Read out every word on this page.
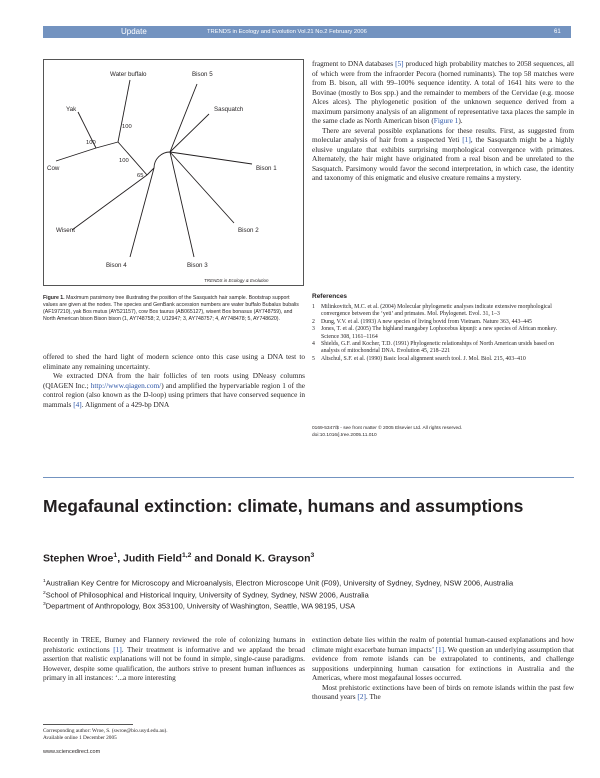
Update	TRENDS in Ecology and Evolution Vol.21 No.2 February 2006	61
Water buffalo	Bison 5
Yak	Sasquatch
Cow	Bison 1
Wisent	Bison 2
Bison 4	Bison 3
100
100
100
65
TRENDS in Ecology & Evolution
Figure 1. Maximum parsimony tree illustrating the position of the Sasquatch hair sample. Bootstrap support values are given at the nodes. The species and GenBank accession numbers are water buffalo Bubalus bubalis (AF197210), yak Bos mutus (AY521157), cow Bos taurus (AB065127), wisent Bos bonasus (AY748759), and North American bison Bison bison (1, AY748758; 2, U12947; 3, AY748757; 4, AY748478; 5, AY748620).

offered to shed the hard light of modern science onto this case using a DNA test to eliminate any remaining uncertainty.

We extracted DNA from the hair follicles of ten roots using DNeasy columns (QIAGEN Inc.; http://www.qiagen.com/) and amplified the hypervariable region 1 of the control region (also known as the D-loop) using primers that have conserved sequence in mammals [4]. Alignment of a 429-bp DNA

fragment to DNA databases [5] produced high probability matches to 2058 sequences, all of which were from the infraorder Pecora (horned ruminants). The top 58 matches were from B. bison, all with 99–100% sequence identity. A total of 1641 hits were to the Bovinae (mostly to Bos spp.) and the remainder to members of the Cervidae (e.g. moose Alces alces). The phylogenetic position of the unknown sequence derived from a maximum parsimony analysis of an alignment of representative taxa places the sample in the same clade as North American bison (Figure 1).

There are several possible explanations for these results. First, as suggested from molecular analysis of hair from a suspected Yeti [1], the Sasquatch might be a highly elusive ungulate that exhibits surprising morphological convergence with primates. Alternately, the hair might have originated from a real bison and be unrelated to the Sasquatch. Parsimony would favor the second interpretation, in which case, the identity and taxonomy of this enigmatic and elusive creature remains a mystery.

References
1	Milinkovitch, M.C. et al. (2004) Molecular phylogenetic analyses indicate extensive morphological convergence between the ‘yeti’ and primates. Mol. Phylogenet. Evol. 31, 1–3
2	Dung, V.V. et al. (1993) A new species of living bovid from Vietnam. Nature 363, 443–445
3	Jones, T. et al. (2005) The highland mangabey Lophocebus kipunji: a new species of African monkey. Science 308, 1161–1164
4	Shields, G.F. and Kocher, T.D. (1991) Phylogenetic relationships of North American ursids based on analysis of mitochondrial DNA. Evolution 45, 218–221
5	Altschul, S.F. et al. (1990) Basic local alignment search tool. J. Mol. Biol. 215, 403–410
0169-5347/$ - see front matter © 2005 Elsevier Ltd. All rights reserved.
doi:10.1016/j.tree.2005.11.010
Megafaunal extinction: climate, humans and assumptions
Stephen Wroe$^1$, Judith Field$^{1,2}$ and Donald K. Grayson$^3$
$^1$Australian Key Centre for Microscopy and Microanalysis, Electron Microscope Unit (F09), University of Sydney, Sydney, NSW 2006, Australia
$^2$School of Philosophical and Historical Inquiry, University of Sydney, Sydney, NSW 2006, Australia
$^3$Department of Anthropology, Box 353100, University of Washington, Seattle, WA 98195, USA

Recently in TREE, Burney and Flannery reviewed the role of colonizing humans in prehistoric extinctions [1]. Their treatment is informative and we applaud the broad assertion that realistic explanations will not be found in simple, single-cause paradigms. However, despite some qualification, the authors strive to present human influences as primary in all instances: ‘...a more interesting

Corresponding author: Wroe, S. (swroe@bio.usyd.edu.au).
Available online 1 December 2005

extinction debate lies within the realm of potential human-caused explanations and how climate might exacerbate human impacts’ [1]. We question an underlying assumption that evidence from remote islands can be extrapolated to continents, and challenge suppositions underpinning human causation for extinctions in Australia and the Americas, where most megafaunal losses occurred.

Most prehistoric extinctions have been of birds on remote islands within the past few thousand years [2]. The

www.sciencedirect.com
